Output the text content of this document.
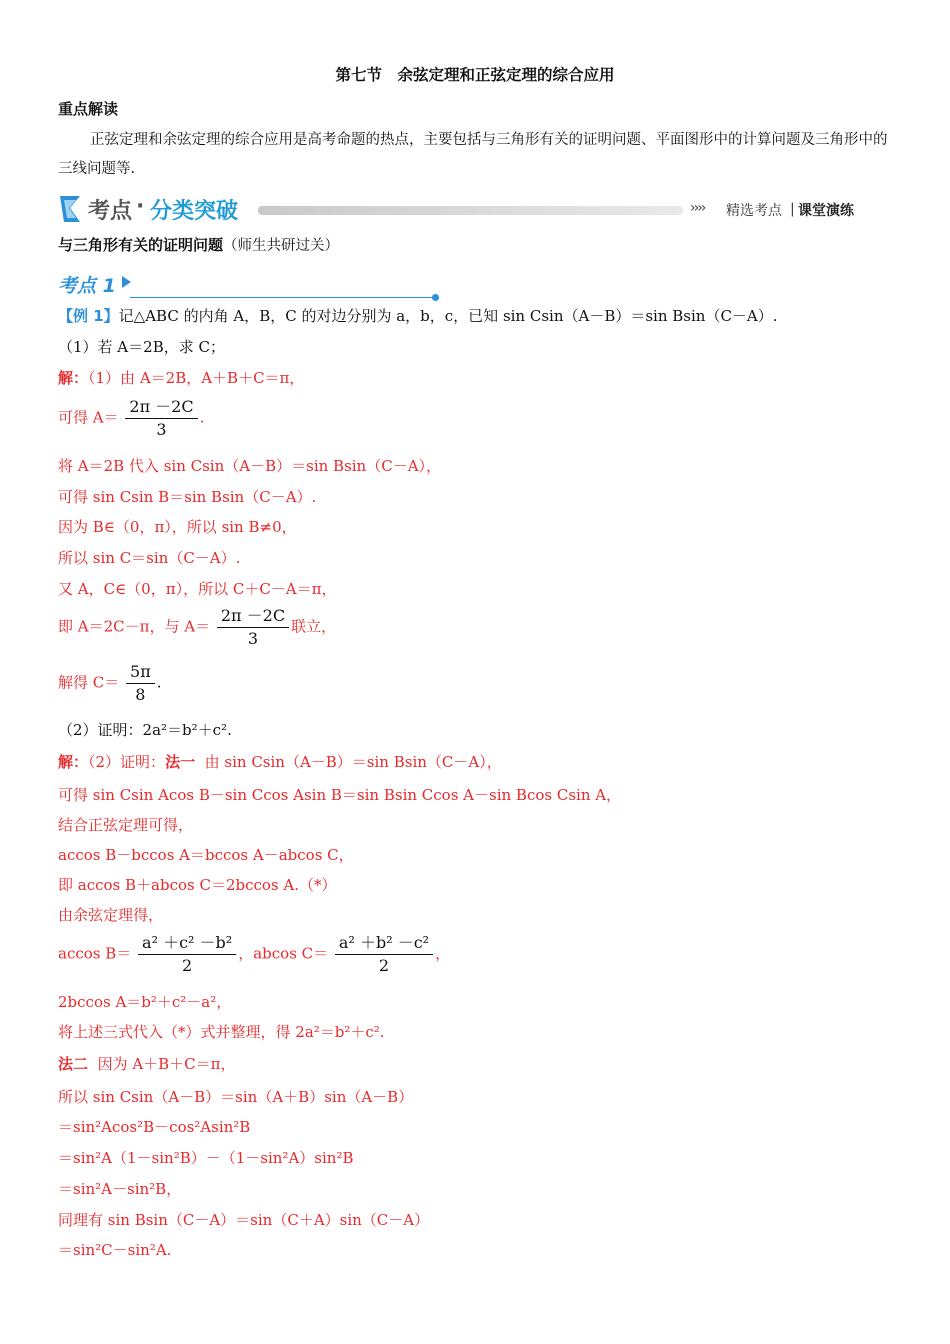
第七节　余弦定理和正弦定理的综合应用
重点解读
正弦定理和余弦定理的综合应用是高考命题的热点，主要包括与三角形有关的证明问题、平面图形中的计算问题及三角形中的三线问题等.
考点 · 分类突破	›››› 精选考点 | 课堂演练
与三角形有关的证明问题（师生共研过关）
考点 1
【例 1】记△ABC 的内角 A，B，C 的对边分别为 a，b，c，已知 sin Csin（A－B）＝sin Bsin（C－A）.
（1）若 A＝2B，求 C；
解：（1）由 A＝2B，A＋B＋C＝π，
可得 $A= \frac{2\pi -2C}{3}$ .
将 A＝2B 代入 sin Csin（A－B）＝sin Bsin（C－A），
可得 sin Csin B＝sin Bsin（C－A）.
因为 B∈（0，π），所以 sin B≠0，
所以 sin C＝sin（C－A）.
又 A，C∈（0，π），所以 C＋C－A＝π，
即 A＝2C－π，与 $A= \frac{2\pi -2C}{3}$ 联立，
解得 $C= \frac{5\pi}{8}$ .
（2）证明：2a²＝b²＋c².
解：（2）证明：法一 由 sin Csin（A－B）＝sin Bsin（C－A），
可得 sin Csin Acos B－sin Ccos Asin B＝sin Bsin Ccos A－sin Bcos Csin A，
结合正弦定理可得，
accos B－bccos A＝bccos A－abcos C，
即 accos B＋abcos C＝2bccos A.（*）
由余弦定理得，
accos $B= \frac{\text{a² ＋c² －b²}}{2}$ ，abcos $C= \frac{\text{a² ＋b² －c²}}{2}$ ，
2bccos A＝b²＋c²－a²，
将上述三式代入（*）式并整理，得 2a²＝b²＋c².
法二 因为 A＋B＋C＝π，
所以 sin Csin（A－B）＝sin（A＋B）sin（A－B）
＝sin²Acos²B－cos²Asin²B
＝sin²A（1－sin²B）－（1－sin²A）sin²B
＝sin²A－sin²B，
同理有 sin Bsin（C－A）＝sin（C＋A）sin（C－A）
＝sin²C－sin²A.
